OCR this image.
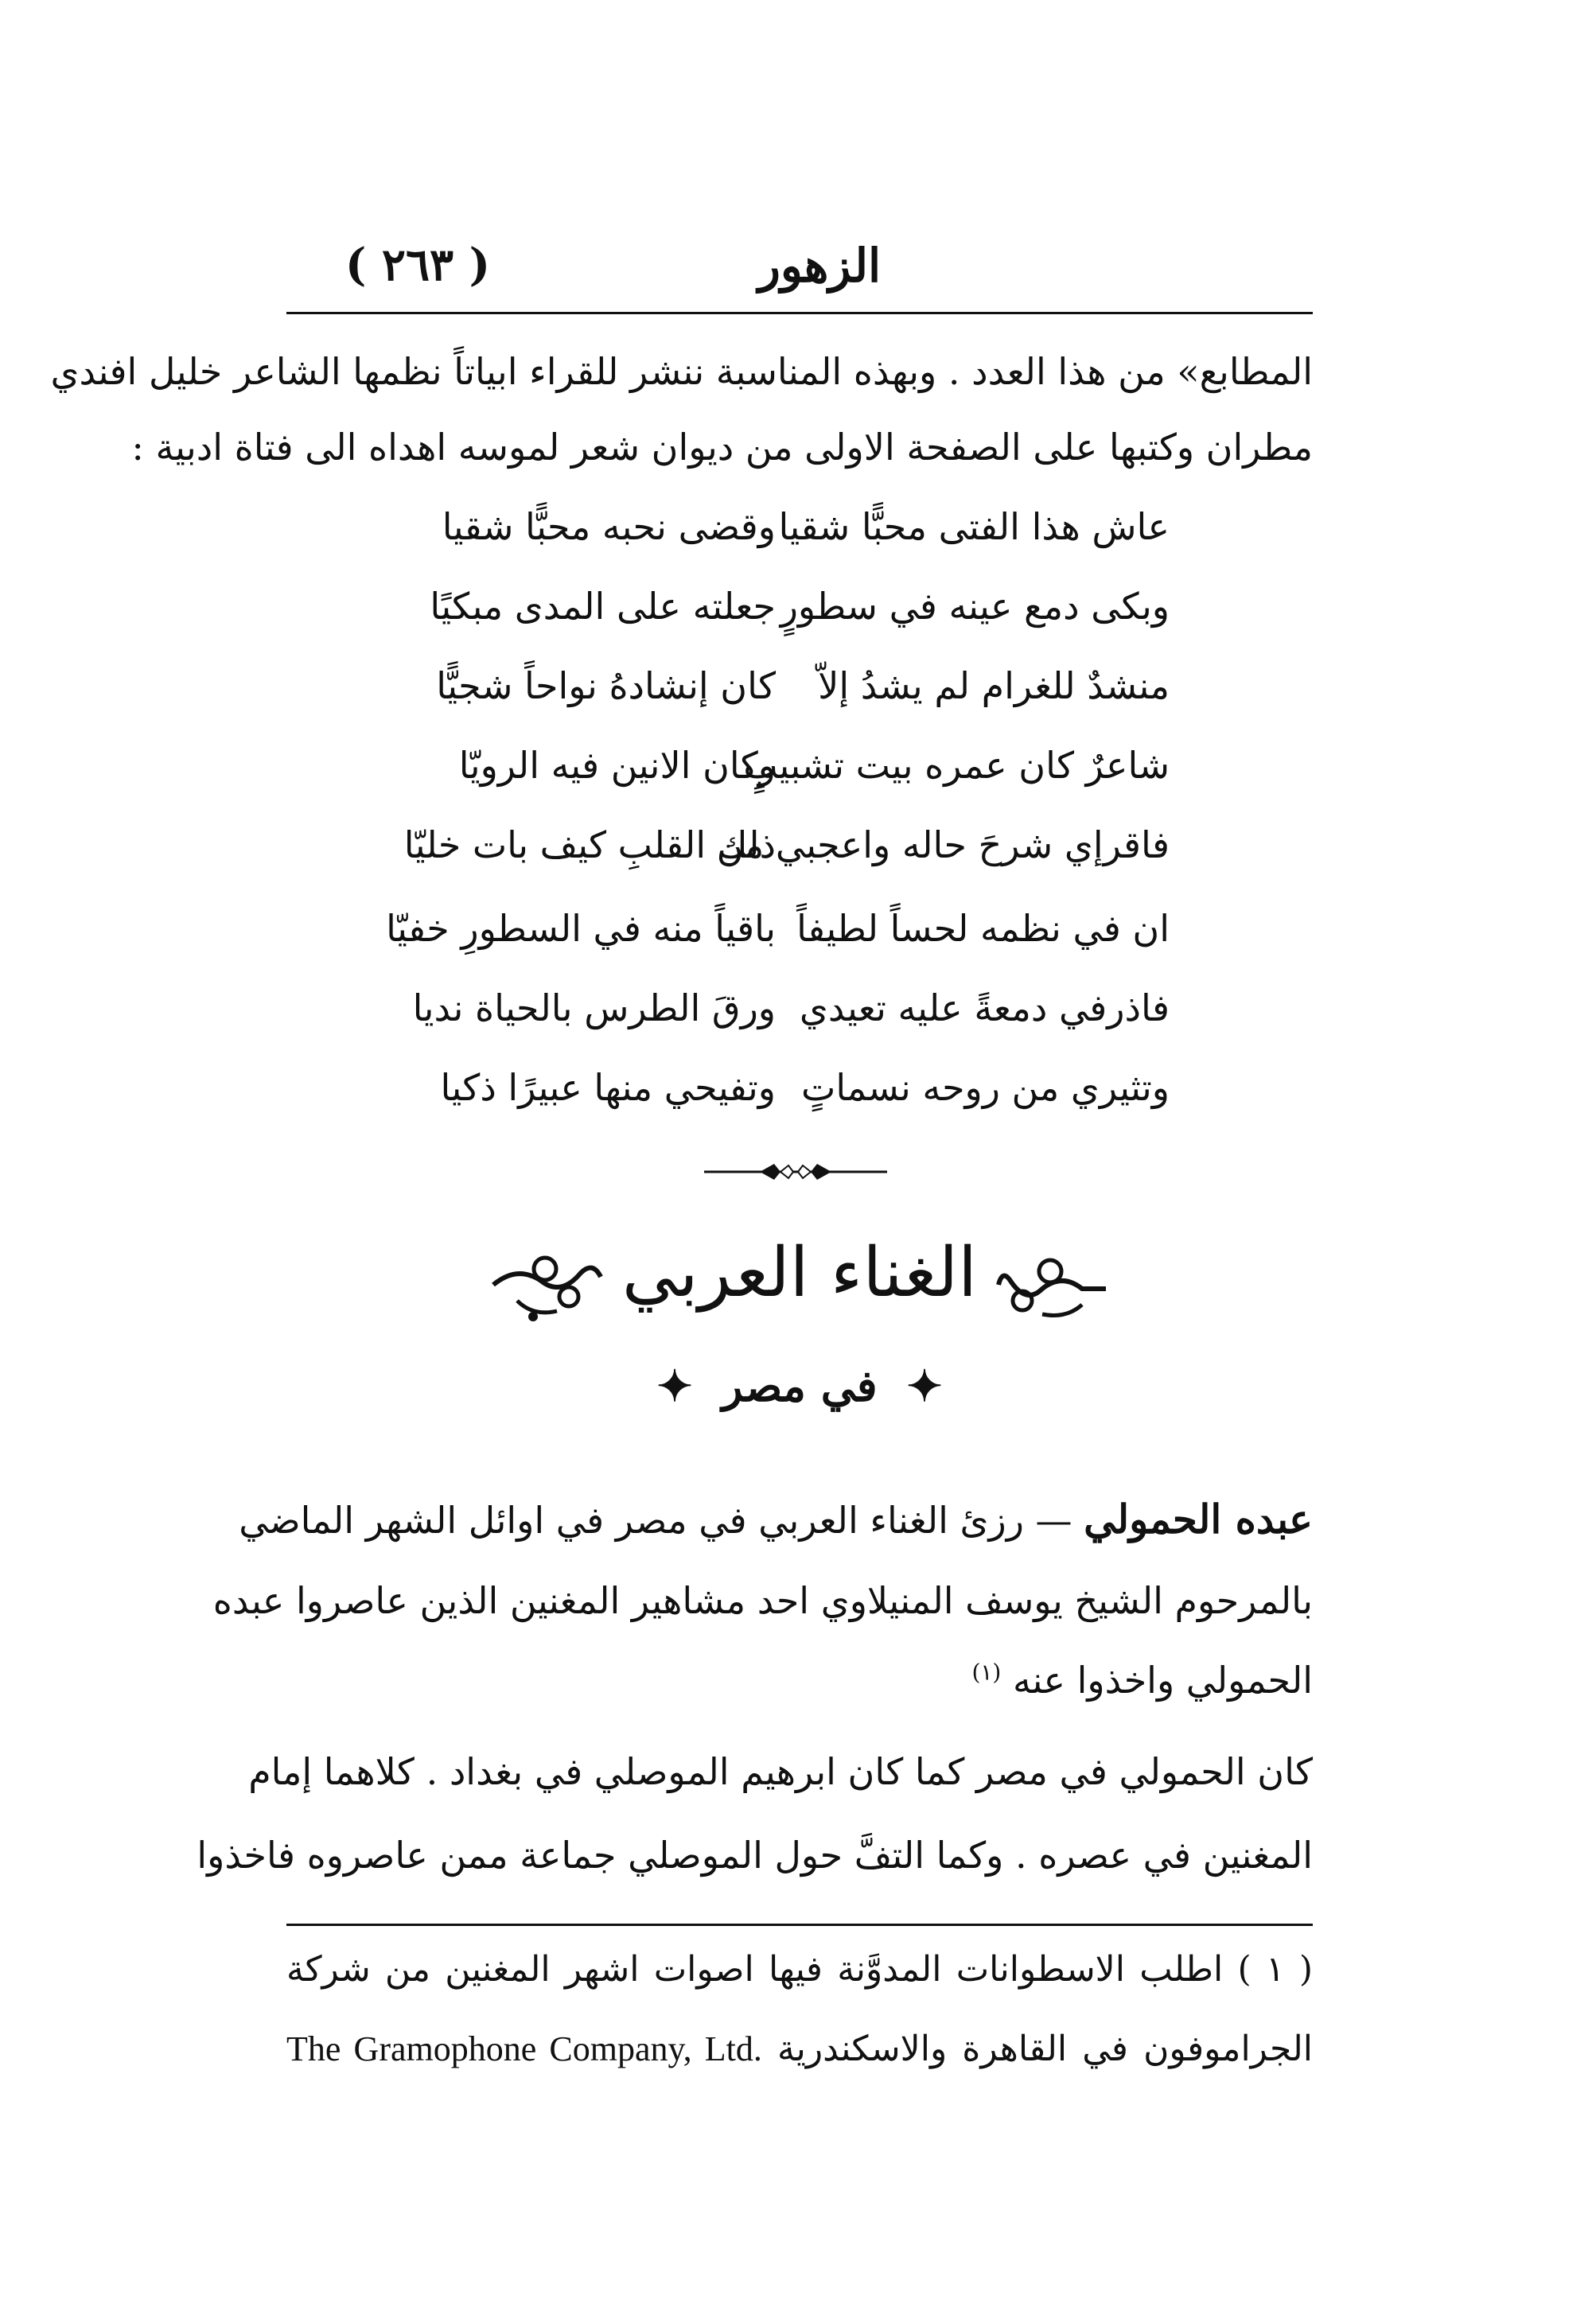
الزهور
( ٢٦٣ )
المطابع» من هذا العدد . وبهذه المناسبة ننشر للقراء ابياتاً نظمها الشاعر خليل افندي
مطران وكتبها على الصفحة الاولى من ديوان شعر لموسه اهداه الى فتاة ادبية :
عاش هذا الفتى محبًّا شقيا
وقضى نحبه محبًّا شقيا
وبكى دمع عينه في سطورٍ
جعلته على المدى مبكيًا
منشدٌ للغرام لم يشدُ إلاّ
كان إنشادهُ نواحاً شجيًّا
شاعرٌ كان عمره بيت تشبيبٍ
وكان الانين فيه الرويّا
فاقرإي شرحَ حاله واعجبي من
ذلك القلبِ كيف بات خليّا
ان في نظمه لحساً لطيفاً
باقياً منه في السطورِ خفيّا
فاذرفي دمعةً عليه تعيدي
ورقَ الطرس بالحياة نديا
وتثيري من روحه نسماتٍ
وتفيحي منها عبيرًا ذكيا
الغناء العربي
✦ في مصر ✦
عبده الحمولي — رزئ الغناء العربي في مصر في اوائل الشهر الماضي
بالمرحوم الشيخ يوسف المنيلاوي احد مشاهير المغنين الذين عاصروا عبده
الحمولي واخذوا عنه $^{(١)}$
كان الحمولي في مصر كما كان ابرهيم الموصلي في بغداد . كلاهما إمام
المغنين في عصره . وكما التفَّ حول الموصلي جماعة ممن عاصروه فاخذوا
( ١ ) اطلب الاسطوانات المدوَّنة فيها اصوات اشهر المغنين من شركة
الجراموفون في القاهرة والاسكندرية The Gramophone Company, Ltd.
